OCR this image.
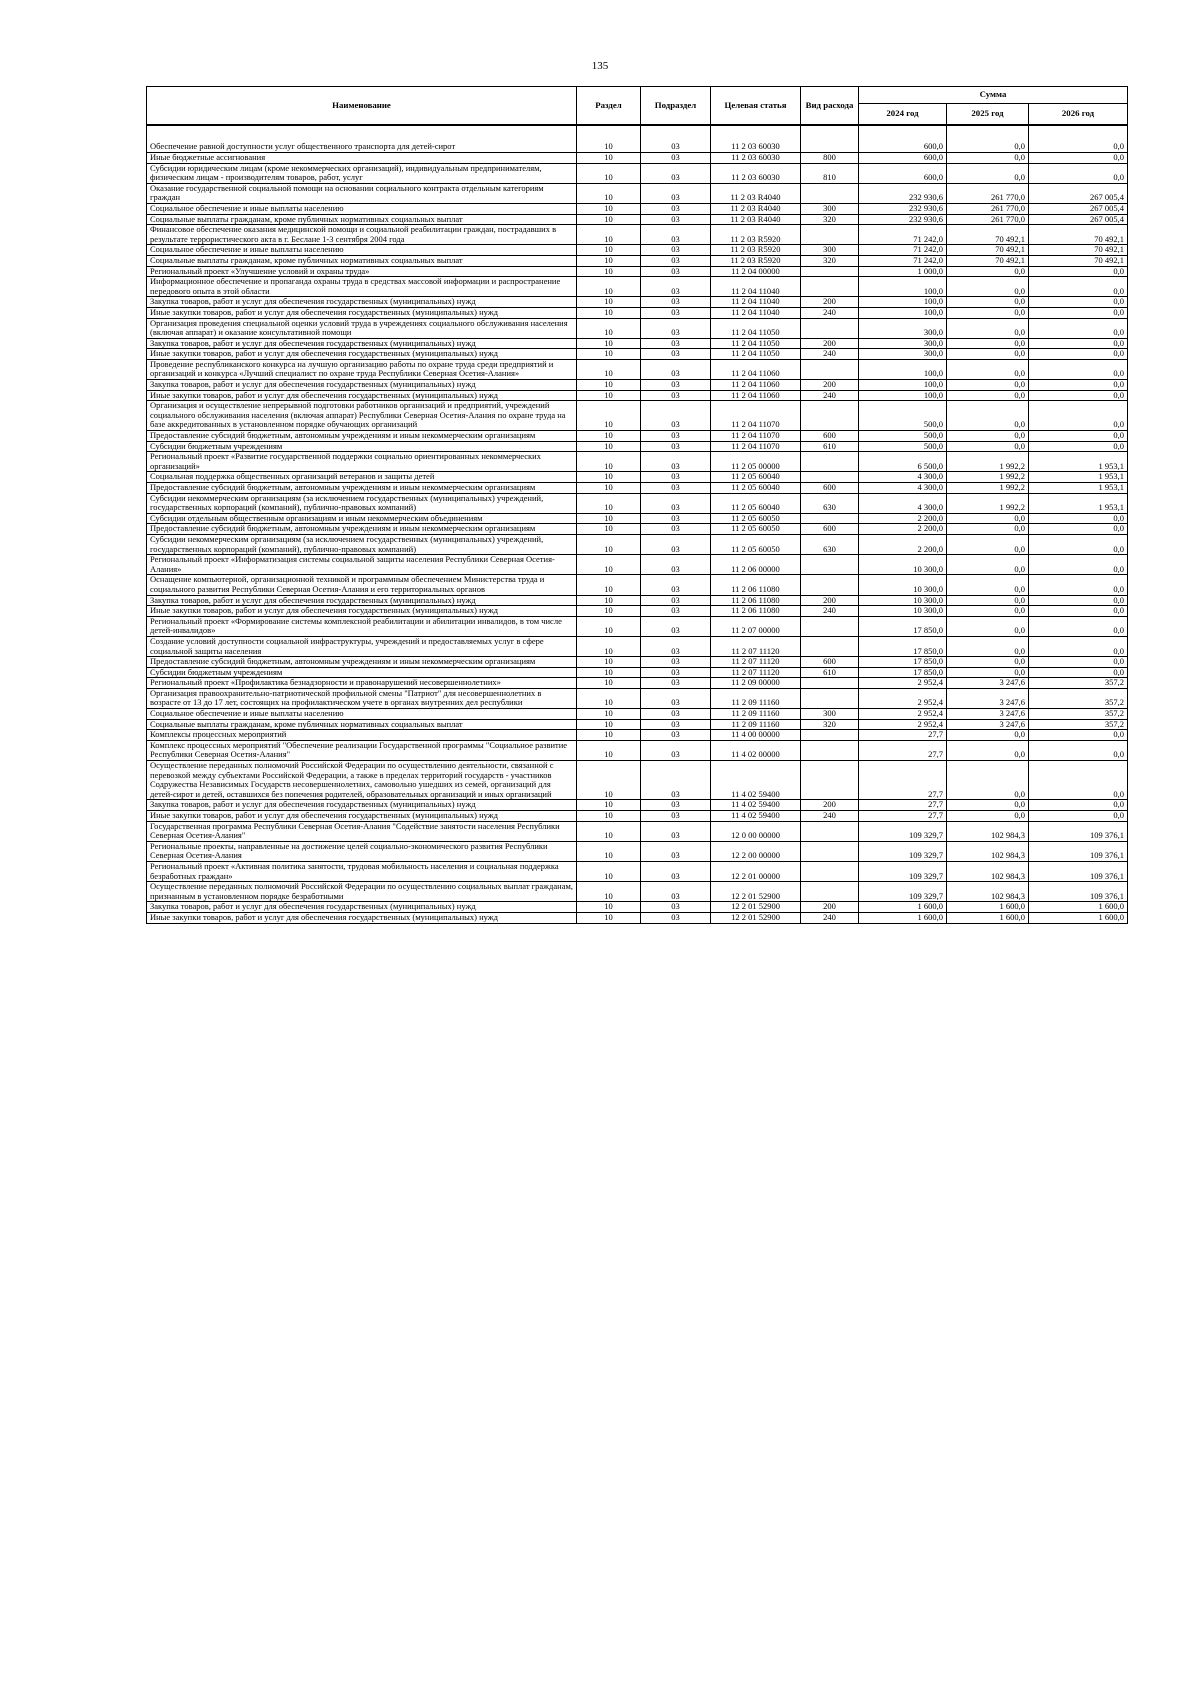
135
Наименование	Раздел	Подраздел	Целевая статья	Вид расхода	Сумма		
					2024 год	2025 год	2026 год
Обеспечение равной доступности услуг общественного транспорта для детей-сирот	10	03	11 2 03 60030		600,0	0,0	0,0
Иные бюджетные ассигнования	10	03	11 2 03 60030	800	600,0	0,0	0,0
Субсидии юридическим лицам (кроме некоммерческих организаций), индивидуальным предпринимателям, физическим лицам - производителям товаров, работ, услуг	10	03	11 2 03 60030	810	600,0	0,0	0,0
Оказание государственной социальной помощи на основании социального контракта отдельным категориям граждан	10	03	11 2 03 R4040		232 930,6	261 770,0	267 005,4
Социальное обеспечение и иные выплаты населению	10	03	11 2 03 R4040	300	232 930,6	261 770,0	267 005,4
Социальные выплаты гражданам, кроме публичных нормативных социальных выплат	10	03	11 2 03 R4040	320	232 930,6	261 770,0	267 005,4
Финансовое обеспечение оказания медицинской помощи и социальной реабилитации граждан, пострадавших в результате террористического акта в г. Беслане 1-3 сентября 2004 года	10	03	11 2 03 R5920		71 242,0	70 492,1	70 492,1
Социальное обеспечение и иные выплаты населению	10	03	11 2 03 R5920	300	71 242,0	70 492,1	70 492,1
Социальные выплаты гражданам, кроме публичных нормативных социальных выплат	10	03	11 2 03 R5920	320	71 242,0	70 492,1	70 492,1
Региональный проект «Улучшение условий и охраны труда»	10	03	11 2 04 00000		1 000,0	0,0	0,0
Информационное обеспечение и пропаганда охраны труда в средствах массовой информации и распространение передового опыта в этой области	10	03	11 2 04 11040		100,0	0,0	0,0
Закупка товаров, работ и услуг для обеспечения государственных (муниципальных) нужд	10	03	11 2 04 11040	200	100,0	0,0	0,0
Иные закупки товаров, работ и услуг для обеспечения государственных (муниципальных) нужд	10	03	11 2 04 11040	240	100,0	0,0	0,0
Организация проведения специальной оценки условий труда в учреждениях социального обслуживания населения (включая аппарат) и оказание консультативной помощи	10	03	11 2 04 11050		300,0	0,0	0,0
Закупка товаров, работ и услуг для обеспечения государственных (муниципальных) нужд	10	03	11 2 04 11050	200	300,0	0,0	0,0
Иные закупки товаров, работ и услуг для обеспечения государственных (муниципальных) нужд	10	03	11 2 04 11050	240	300,0	0,0	0,0
Проведение республиканского конкурса на лучшую организацию работы по охране труда среди предприятий и организаций и конкурса «Лучший специалист по охране труда Республики Северная Осетия-Алания»	10	03	11 2 04 11060		100,0	0,0	0,0
Закупка товаров, работ и услуг для обеспечения государственных (муниципальных) нужд	10	03	11 2 04 11060	200	100,0	0,0	0,0
Иные закупки товаров, работ и услуг для обеспечения государственных (муниципальных) нужд	10	03	11 2 04 11060	240	100,0	0,0	0,0
Организация и осуществление непрерывной подготовки работников организаций и предприятий, учреждений социального обслуживания населения (включая аппарат) Республики Северная Осетия-Алания по охране труда на базе аккредитованных в установленном порядке обучающих организаций	10	03	11 2 04 11070		500,0	0,0	0,0
Предоставление субсидий бюджетным, автономным учреждениям и иным некоммерческим организациям	10	03	11 2 04 11070	600	500,0	0,0	0,0
Субсидии бюджетным учреждениям	10	03	11 2 04 11070	610	500,0	0,0	0,0
Региональный проект «Развитие государственной поддержки социально ориентированных некоммерческих организаций»	10	03	11 2 05 00000		6 500,0	1 992,2	1 953,1
Социальная поддержка общественных организаций ветеранов и защиты детей	10	03	11 2 05 60040		4 300,0	1 992,2	1 953,1
Предоставление субсидий бюджетным, автономным учреждениям и иным некоммерческим организациям	10	03	11 2 05 60040	600	4 300,0	1 992,2	1 953,1
Субсидии некоммерческим организациям (за исключением государственных (муниципальных) учреждений, государственных корпораций (компаний), публично-правовых компаний)	10	03	11 2 05 60040	630	4 300,0	1 992,2	1 953,1
Субсидии отдельным общественным организациям и иным некоммерческим объединениям	10	03	11 2 05 60050		2 200,0	0,0	0,0
Предоставление субсидий бюджетным, автономным учреждениям и иным некоммерческим организациям	10	03	11 2 05 60050	600	2 200,0	0,0	0,0
Субсидии некоммерческим организациям (за исключением государственных (муниципальных) учреждений, государственных корпораций (компаний), публично-правовых компаний)	10	03	11 2 05 60050	630	2 200,0	0,0	0,0
Региональный проект «Информатизация системы социальной защиты населения Республики Северная Осетия-Алания»	10	03	11 2 06 00000		10 300,0	0,0	0,0
Оснащение компьютерной, организационной техникой и программным обеспечением Министерства труда и социального развития Республики Северная Осетия-Алания и его территориальных органов	10	03	11 2 06 11080		10 300,0	0,0	0,0
Закупка товаров, работ и услуг для обеспечения государственных (муниципальных) нужд	10	03	11 2 06 11080	200	10 300,0	0,0	0,0
Иные закупки товаров, работ и услуг для обеспечения государственных (муниципальных) нужд	10	03	11 2 06 11080	240	10 300,0	0,0	0,0
Региональный проект «Формирование системы комплексной реабилитации и абилитации инвалидов, в том числе детей-инвалидов»	10	03	11 2 07 00000		17 850,0	0,0	0,0
Создание условий доступности социальной инфраструктуры, учреждений и предоставляемых услуг в сфере социальной защиты населения	10	03	11 2 07 11120		17 850,0	0,0	0,0
Предоставление субсидий бюджетным, автономным учреждениям и иным некоммерческим организациям	10	03	11 2 07 11120	600	17 850,0	0,0	0,0
Субсидии бюджетным учреждениям	10	03	11 2 07 11120	610	17 850,0	0,0	0,0
Региональный проект «Профилактика безнадзорности и правонарушений несовершеннолетних»	10	03	11 2 09 00000		2 952,4	3 247,6	357,2
Организация правоохранительно-патриотической профильной смены "Патриот" для несовершеннолетних в возрасте от 13 до 17 лет, состоящих на профилактическом учете в органах внутренних дел республики	10	03	11 2 09 11160		2 952,4	3 247,6	357,2
Социальное обеспечение и иные выплаты населению	10	03	11 2 09 11160	300	2 952,4	3 247,6	357,2
Социальные выплаты гражданам, кроме публичных нормативных социальных выплат	10	03	11 2 09 11160	320	2 952,4	3 247,6	357,2
Комплексы процессных мероприятий	10	03	11 4 00 00000		27,7	0,0	0,0
Комплекс процессных мероприятий "Обеспечение реализации Государственной программы "Социальное развитие Республики Северная Осетия-Алания"	10	03	11 4 02 00000		27,7	0,0	0,0
Осуществление переданных полномочий Российской Федерации по осуществлению деятельности, связанной с перевозкой между субъектами Российской Федерации, а также в пределах территорий государств - участников Содружества Независимых Государств несовершеннолетних, самовольно ушедших из семей, организаций для детей-сирот и детей, оставшихся без попечения родителей, образовательных организаций и иных организаций	10	03	11 4 02 59400		27,7	0,0	0,0
Закупка товаров, работ и услуг для обеспечения государственных (муниципальных) нужд	10	03	11 4 02 59400	200	27,7	0,0	0,0
Иные закупки товаров, работ и услуг для обеспечения государственных (муниципальных) нужд	10	03	11 4 02 59400	240	27,7	0,0	0,0
Государственная программа Республики Северная Осетия-Алания "Содействие занятости населения Республики Северная Осетия-Алания"	10	03	12 0 00 00000		109 329,7	102 984,3	109 376,1
Региональные проекты, направленные на достижение целей социально-экономического развития Республики Северная Осетия-Алания	10	03	12 2 00 00000		109 329,7	102 984,3	109 376,1
Региональный проект «Активная политика занятости, трудовая мобильность населения и социальная поддержка безработных граждан»	10	03	12 2 01 00000		109 329,7	102 984,3	109 376,1
Осуществление переданных полномочий Российской Федерации по осуществлению социальных выплат гражданам, признанным в установленном порядке безработными	10	03	12 2 01 52900		109 329,7	102 984,3	109 376,1
Закупка товаров, работ и услуг для обеспечения государственных (муниципальных) нужд	10	03	12 2 01 52900	200	1 600,0	1 600,0	1 600,0
Иные закупки товаров, работ и услуг для обеспечения государственных (муниципальных) нужд	10	03	12 2 01 52900	240	1 600,0	1 600,0	1 600,0
